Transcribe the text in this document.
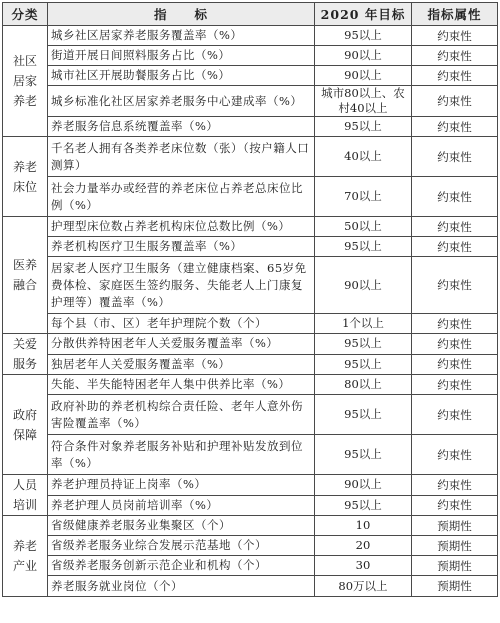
分类	指　　标	2020 年目标	指标属性

社区
居家
养老	城乡社区居家养老服务覆盖率（%）	95以上	约束性
	街道开展日间照料服务占比（%）	90以上	约束性
	城市社区开展助餐服务占比（%）	90以上	约束性
	城乡标准化社区居家养老服务中心建成率（%）	城市80以上、农村40以上	约束性
	养老服务信息系统覆盖率（%）	95以上	约束性

养老
床位	千名老人拥有各类养老床位数（张）（按户籍人口测算）	40以上	约束性
	社会力量举办或经营的养老床位占养老总床位比例（%）	70以上	约束性

医养
融合	护理型床位数占养老机构床位总数比例（%）	50以上	约束性
	养老机构医疗卫生服务覆盖率（%）	95以上	约束性
	居家老人医疗卫生服务（建立健康档案、65岁免费体检、家庭医生签约服务、失能老人上门康复护理等）覆盖率（%）	90以上	约束性
	每个县（市、区）老年护理院个数（个）	1个以上	约束性

关爱
服务	分散供养特困老年人关爱服务覆盖率（%）	95以上	约束性
	独居老年人关爱服务覆盖率（%）	95以上	约束性

政府
保障	失能、半失能特困老年人集中供养比率（%）	80以上	约束性
	政府补助的养老机构综合责任险、老年人意外伤害险覆盖率（%）	95以上	约束性
	符合条件对象养老服务补贴和护理补贴发放到位率（%）	95以上	约束性

人员
培训	养老护理员持证上岗率（%）	90以上	约束性
	养老护理人员岗前培训率（%）	95以上	约束性

养老
产业	省级健康养老服务业集聚区（个）	10	预期性
	省级养老服务业综合发展示范基地（个）	20	预期性
	省级养老服务创新示范企业和机构（个）	30	预期性
	养老服务就业岗位（个）	80万以上	预期性
